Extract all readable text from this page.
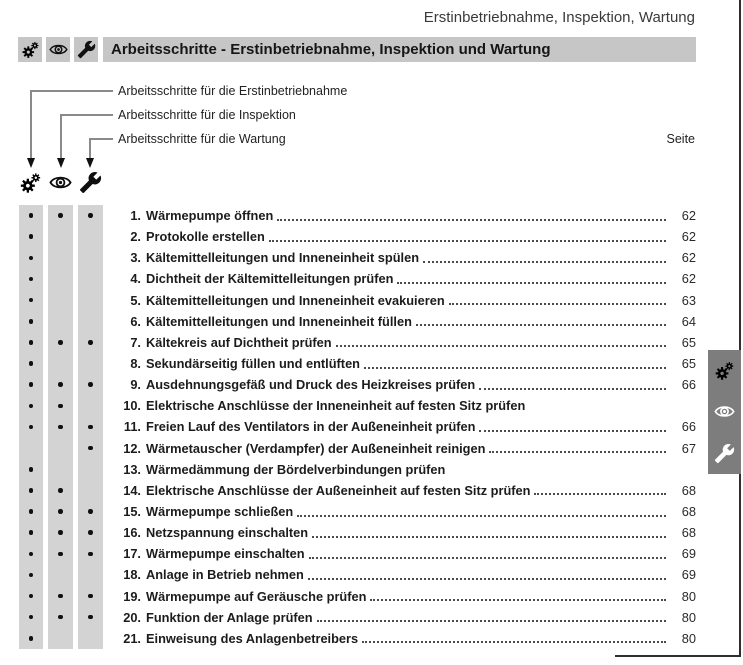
Erstinbetriebnahme, Inspektion, Wartung
Arbeitsschritte - Erstinbetriebnahme, Inspektion und Wartung
Arbeitsschritte für die Erstinbetriebnahme
Arbeitsschritte für die Inspektion
Arbeitsschritte für die Wartung	Seite
1. Wärmepumpe öffnen	62
2. Protokolle erstellen	62
3. Kältemittelleitungen und Inneneinheit spülen	62
4. Dichtheit der Kältemittelleitungen prüfen	62
5. Kältemittelleitungen und Inneneinheit evakuieren	63
6. Kältemittelleitungen und Inneneinheit füllen	64
7. Kältekreis auf Dichtheit prüfen	65
8. Sekundärseitig füllen und entlüften	65
9. Ausdehnungsgefäß und Druck des Heizkreises prüfen	66
10. Elektrische Anschlüsse der Inneneinheit auf festen Sitz prüfen
11. Freien Lauf des Ventilators in der Außeneinheit prüfen	66
12. Wärmetauscher (Verdampfer) der Außeneinheit reinigen	67
13. Wärmedämmung der Bördelverbindungen prüfen
14. Elektrische Anschlüsse der Außeneinheit auf festen Sitz prüfen	68
15. Wärmepumpe schließen	68
16. Netzspannung einschalten	68
17. Wärmepumpe einschalten	69
18. Anlage in Betrieb nehmen	69
19. Wärmepumpe auf Geräusche prüfen	80
20. Funktion der Anlage prüfen	80
21. Einweisung des Anlagenbetreibers	80
